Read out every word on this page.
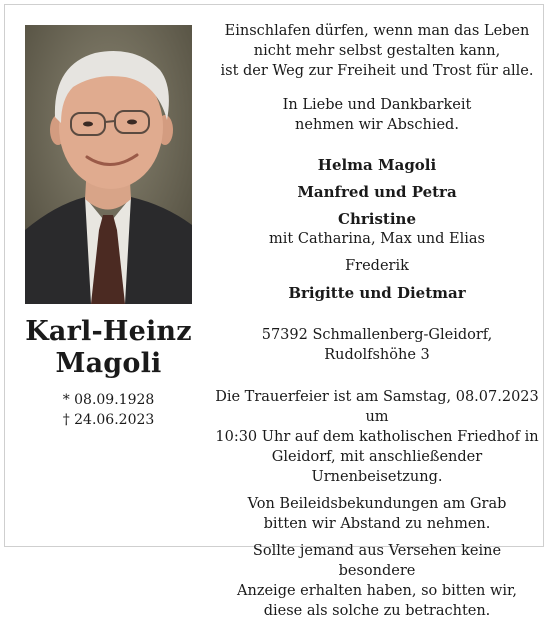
Karl-Heinz
Magoli
* 08.09.1928
† 24.06.2023

Einschlafen dürfen, wenn man das Leben

nicht mehr selbst gestalten kann,

ist der Weg zur Freiheit und Trost für alle.

In Liebe und Dankbarkeit

nehmen wir Abschied.

Helma Magoli

Manfred und Petra

Christine

mit Catharina, Max und Elias

Frederik

Brigitte und Dietmar

57392 Schmallenberg-Gleidorf, Rudolfshöhe 3

Die Trauerfeier ist am Samstag, 08.07.2023 um

10:30 Uhr auf dem katholischen Friedhof in

Gleidorf, mit anschließender Urnenbeisetzung.

Von Beileidsbekundungen am Grab

bitten wir Abstand zu nehmen.

Sollte jemand aus Versehen keine besondere

Anzeige erhalten haben, so bitten wir,

diese als solche zu betrachten.
